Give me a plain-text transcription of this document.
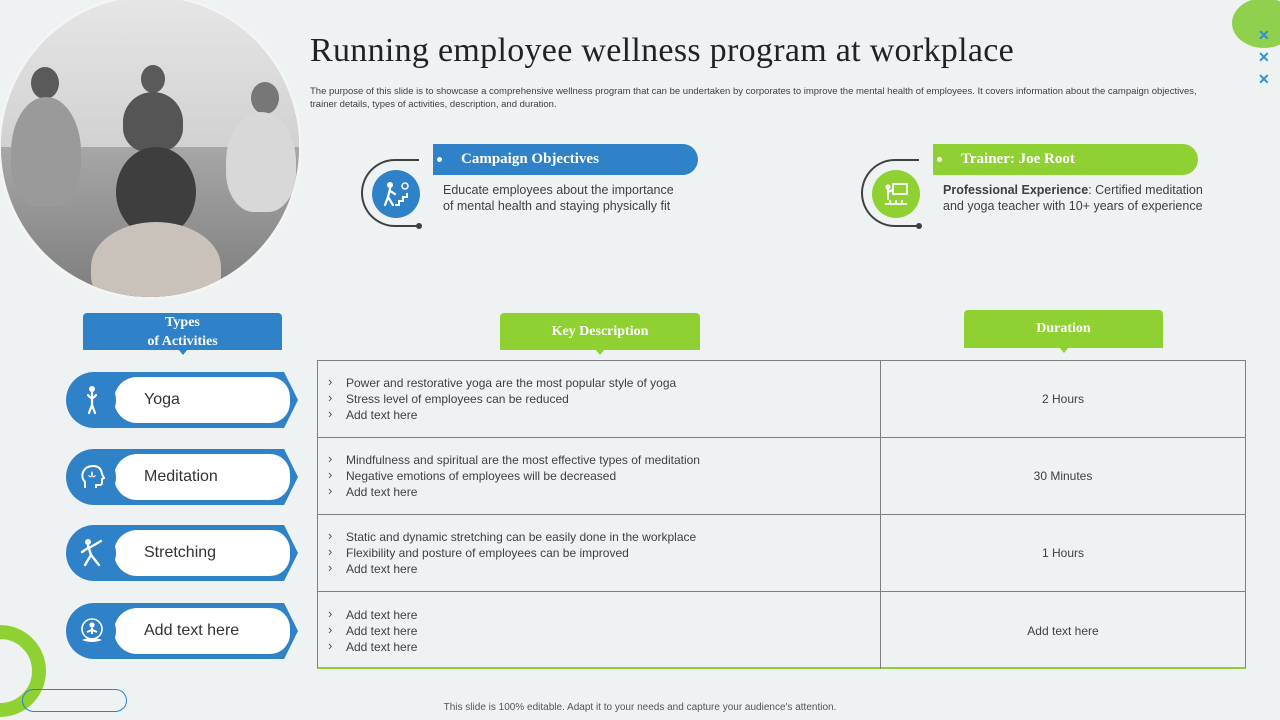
Running employee wellness program at workplace
The purpose of this slide is to showcase a comprehensive wellness program that can be undertaken by corporates to improve the mental health of employees. It covers information about the campaign objectives, trainer details, types of activities, description, and duration.
✕
✕
✕
Campaign Objectives
Educate employees about the importance
of mental health and staying physically fit
Trainer: Joe Root
Professional Experience: Certified meditation
and yoga teacher with 10+ years of experience
Types
of Activities
Key Description	Duration
Yoga
Meditation
Stretching
Add text here
› Power and restorative yoga are the most popular style of yoga
› Stress level of employees can be reduced
› Add text here
2 Hours
› Mindfulness and spiritual are the most effective types of meditation
› Negative emotions of employees will be decreased
› Add text here
30 Minutes
› Static and dynamic stretching can be easily done in the workplace
› Flexibility and posture of employees can be improved
› Add text here
1 Hours
› Add text here
› Add text here
› Add text here
Add text here
This slide is 100% editable. Adapt it to your needs and capture your audience's attention.
